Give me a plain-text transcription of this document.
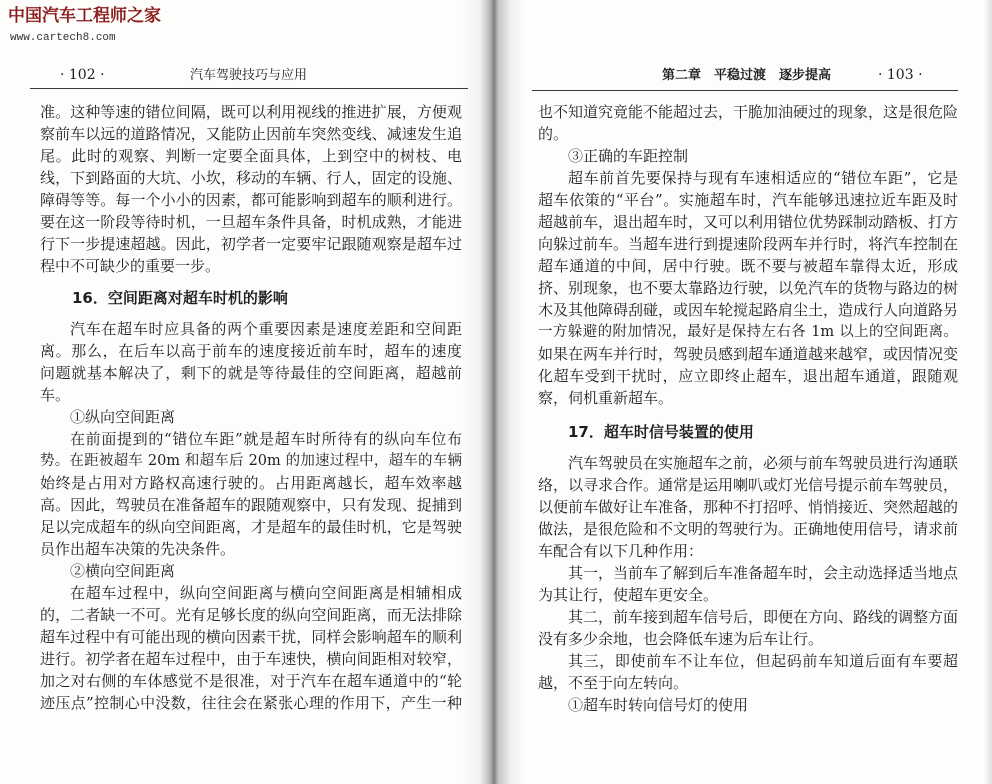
中国汽车工程师之家
www.cartech8.com
· 102 ·	汽车驾驶技巧与应用
准。这种等速的错位间隔，既可以利用视线的推进扩展，方便观
察前车以远的道路情况，又能防止因前车突然变线、减速发生追
尾。此时的观察、判断一定要全面具体，上到空中的树枝、电
线，下到路面的大坑、小坎，移动的车辆、行人，固定的设施、
障碍等等。每一个小小的因素，都可能影响到超车的顺利进行。
要在这一阶段等待时机，一旦超车条件具备，时机成熟，才能进
行下一步提速超越。因此，初学者一定要牢记跟随观察是超车过
程中不可缺少的重要一步。
16．空间距离对超车时机的影响
汽车在超车时应具备的两个重要因素是速度差距和空间距
离。那么，在后车以高于前车的速度接近前车时，超车的速度
问题就基本解决了，剩下的就是等待最佳的空间距离，超越前
车。
①纵向空间距离
在前面提到的“错位车距”就是超车时所待有的纵向车位布
势。在距被超车 20m 和超车后 20m 的加速过程中，超车的车辆
始终是占用对方路权高速行驶的。占用距离越长，超车效率越
高。因此，驾驶员在准备超车的跟随观察中，只有发现、捉捕到
足以完成超车的纵向空间距离，才是超车的最佳时机，它是驾驶
员作出超车决策的先决条件。
②横向空间距离
在超车过程中，纵向空间距离与横向空间距离是相辅相成
的，二者缺一不可。光有足够长度的纵向空间距离，而无法排除
超车过程中有可能出现的横向因素干扰，同样会影响超车的顺利
进行。初学者在超车过程中，由于车速快，横向间距相对较窄，
加之对右侧的车体感觉不是很准，对于汽车在超车通道中的“轮
迹压点”控制心中没数，往往会在紧张心理的作用下，产生一种
第二章　平稳过渡　逐步提高	· 103 ·
也不知道究竟能不能超过去，干脆加油硬过的现象，这是很危险
的。
③正确的车距控制
超车前首先要保持与现有车速相适应的“错位车距”，它是
超车依策的“平台”。实施超车时，汽车能够迅速拉近车距及时
超越前车，退出超车时，又可以利用错位优势踩制动踏板、打方
向躲过前车。当超车进行到提速阶段两车并行时，将汽车控制在
超车通道的中间，居中行驶。既不要与被超车靠得太近，形成
挤、别现象，也不要太靠路边行驶，以免汽车的货物与路边的树
木及其他障碍刮碰，或因车轮搅起路肩尘土，造成行人向道路另
一方躲避的附加情况，最好是保持左右各 1m 以上的空间距离。
如果在两车并行时，驾驶员感到超车通道越来越窄，或因情况变
化超车受到干扰时，应立即终止超车，退出超车通道，跟随观
察，伺机重新超车。
17．超车时信号装置的使用
汽车驾驶员在实施超车之前，必须与前车驾驶员进行沟通联
络，以寻求合作。通常是运用喇叭或灯光信号提示前车驾驶员，
以便前车做好让车准备，那种不打招呼、悄悄接近、突然超越的
做法，是很危险和不文明的驾驶行为。正确地使用信号，请求前
车配合有以下几种作用：
其一，当前车了解到后车准备超车时，会主动选择适当地点
为其让行，使超车更安全。
其二，前车接到超车信号后，即便在方向、路线的调整方面
没有多少余地，也会降低车速为后车让行。
其三，即使前车不让车位，但起码前车知道后面有车要超
越，不至于向左转向。
①超车时转向信号灯的使用
